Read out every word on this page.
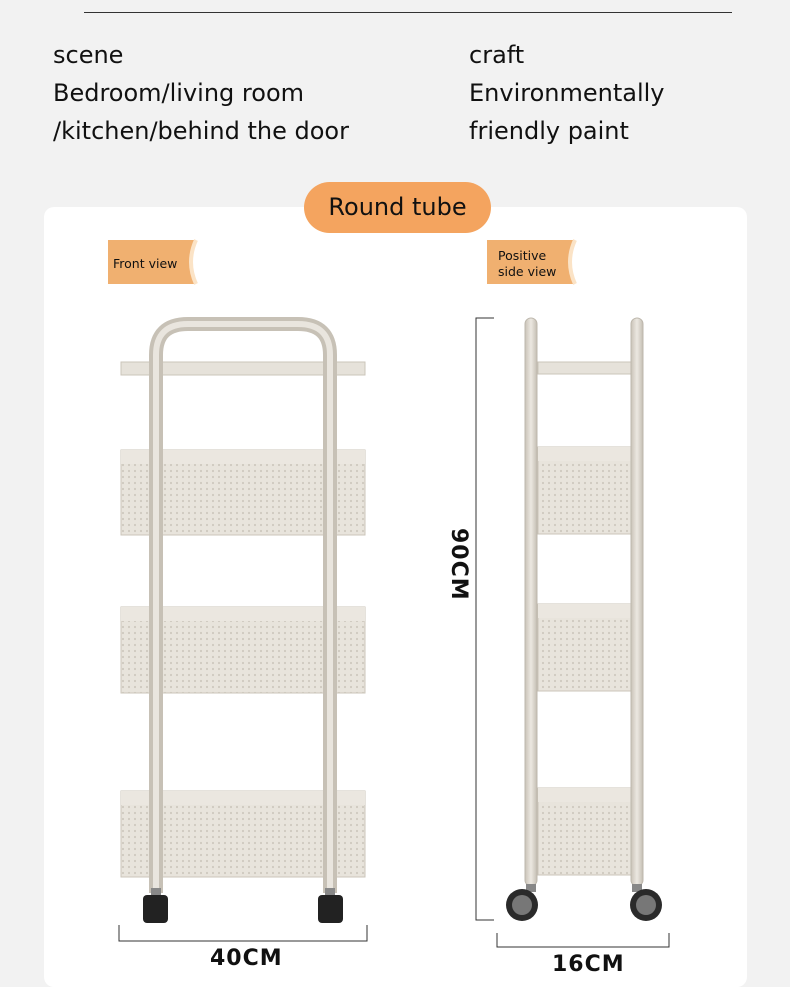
scene
Bedroom/living room
/kitchen/behind the door
craft
Environmentally
friendly paint
Round tube
Front view
Positive
side view
40CM	16CM
90CM
